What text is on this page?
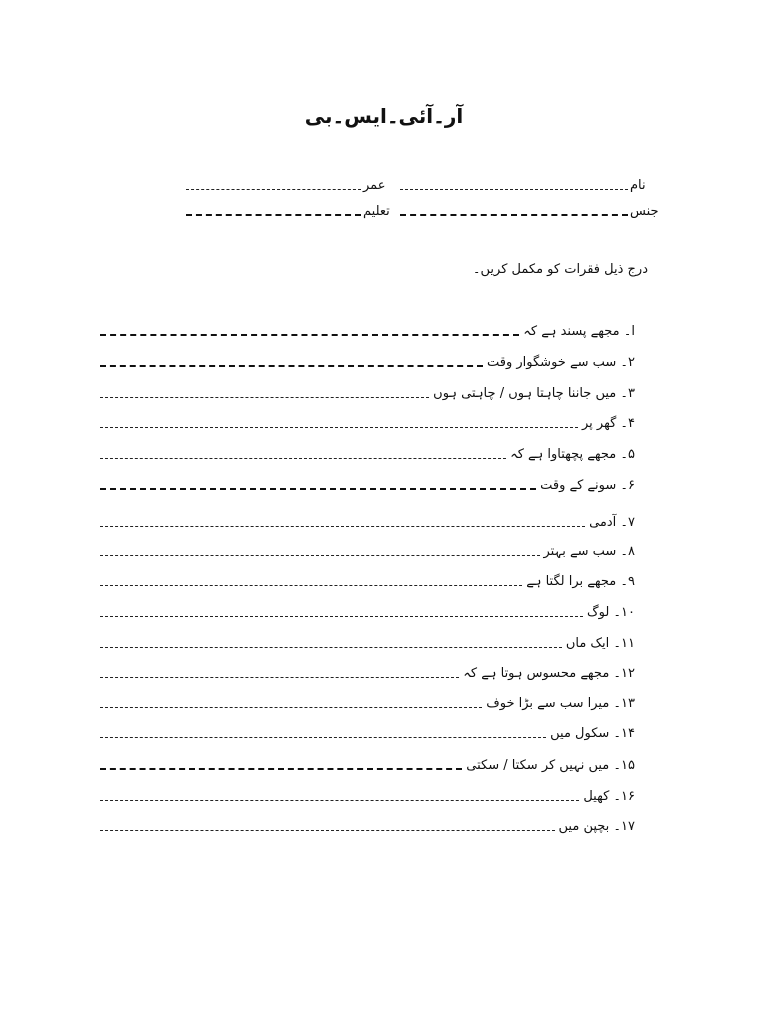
آر۔آئی۔ایس۔بی
عمر	نام
تعلیم	جنس
درج ذیل فقرات کو مکمل کریں۔
ا۔ مجھے پسند ہے کہ
۲۔ سب سے خوشگوار وقت
۳۔ میں جاننا چاہتا ہوں / چاہتی ہوں
۴۔ گھر پر
۵۔ مجھے پچھتاوا ہے کہ
۶۔ سونے کے وقت
۷۔ آدمی
۸۔ سب سے بہتر
۹۔ مجھے برا لگتا ہے
۱۰۔ لوگ
۱۱۔ ایک ماں
۱۲۔ مجھے محسوس ہوتا ہے کہ
۱۳۔ میرا سب سے بڑا خوف
۱۴۔ سکول میں
۱۵۔ میں نہیں کر سکتا / سکتی
۱۶۔ کھیل
۱۷۔ بچپن میں
